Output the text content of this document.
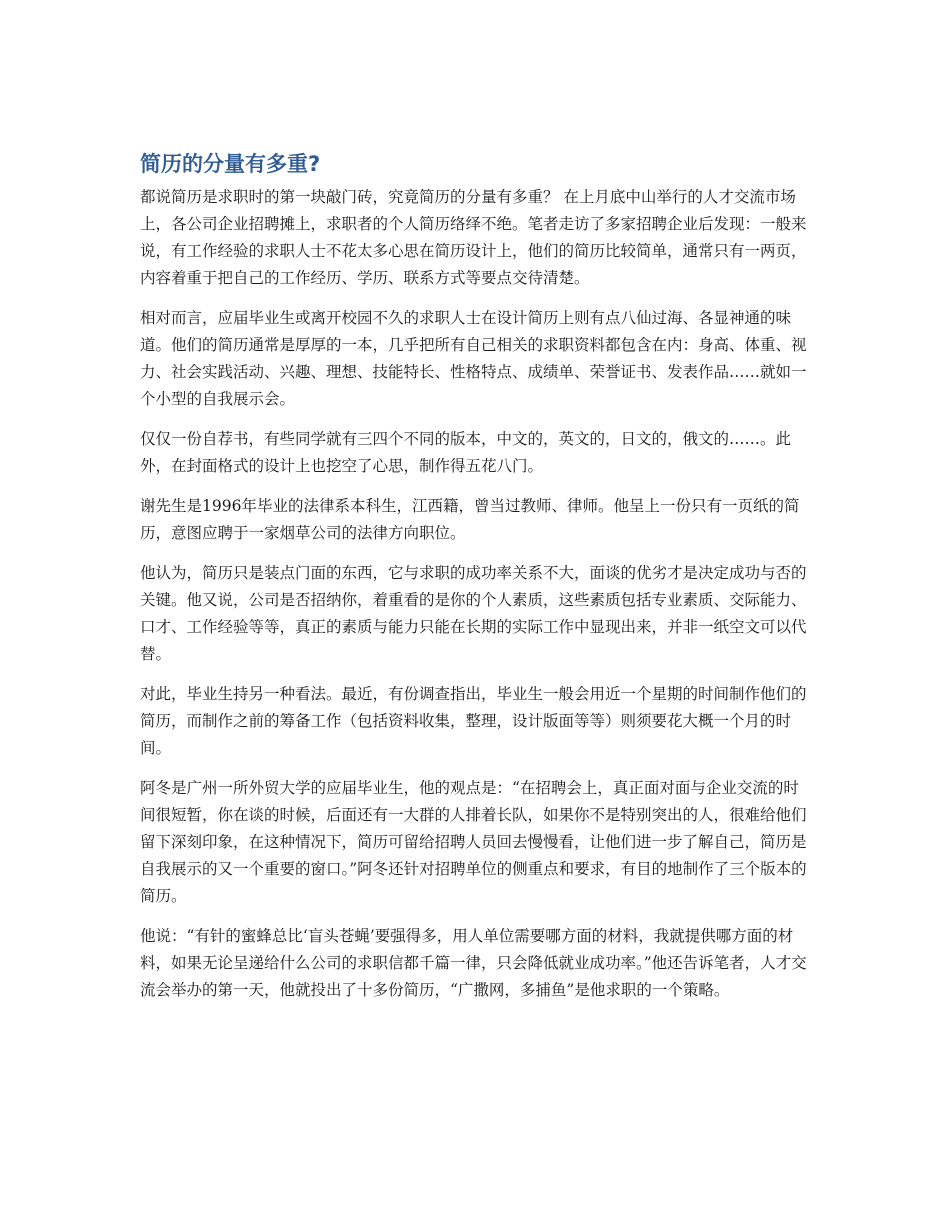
简历的分量有多重?

都说简历是求职时的第一块敲门砖，究竟简历的分量有多重？ 在上月底中山举行的人才交流市场上，各公司企业招聘摊上，求职者的个人简历络绎不绝。笔者走访了多家招聘企业后发现：一般来说，有工作经验的求职人士不花太多心思在简历设计上，他们的简历比较简单，通常只有一两页，内容着重于把自己的工作经历、学历、联系方式等要点交待清楚。

相对而言，应届毕业生或离开校园不久的求职人士在设计简历上则有点八仙过海、各显神通的味道。他们的简历通常是厚厚的一本，几乎把所有自己相关的求职资料都包含在内：身高、体重、视力、社会实践活动、兴趣、理想、技能特长、性格特点、成绩单、荣誉证书、发表作品……就如一个小型的自我展示会。

仅仅一份自荐书，有些同学就有三四个不同的版本，中文的，英文的，日文的，俄文的……。此外，在封面格式的设计上也挖空了心思，制作得五花八门。

谢先生是1996年毕业的法律系本科生，江西籍，曾当过教师、律师。他呈上一份只有一页纸的简历，意图应聘于一家烟草公司的法律方向职位。

他认为，简历只是装点门面的东西，它与求职的成功率关系不大，面谈的优劣才是决定成功与否的关键。他又说，公司是否招纳你，着重看的是你的个人素质，这些素质包括专业素质、交际能力、口才、工作经验等等，真正的素质与能力只能在长期的实际工作中显现出来，并非一纸空文可以代替。

对此，毕业生持另一种看法。最近，有份调查指出，毕业生一般会用近一个星期的时间制作他们的简历，而制作之前的筹备工作（包括资料收集，整理，设计版面等等）则须要花大概一个月的时间。

阿冬是广州一所外贸大学的应届毕业生，他的观点是：“在招聘会上，真正面对面与企业交流的时间很短暂，你在谈的时候，后面还有一大群的人排着长队，如果你不是特别突出的人，很难给他们留下深刻印象，在这种情况下，简历可留给招聘人员回去慢慢看，让他们进一步了解自己，简历是自我展示的又一个重要的窗口。”阿冬还针对招聘单位的侧重点和要求，有目的地制作了三个版本的简历。

他说：“有针的蜜蜂总比‘盲头苍蝇’要强得多，用人单位需要哪方面的材料，我就提供哪方面的材料，如果无论呈递给什么公司的求职信都千篇一律，只会降低就业成功率。”他还告诉笔者，人才交流会举办的第一天，他就投出了十多份简历，“广撒网，多捕鱼”是他求职的一个策略。
